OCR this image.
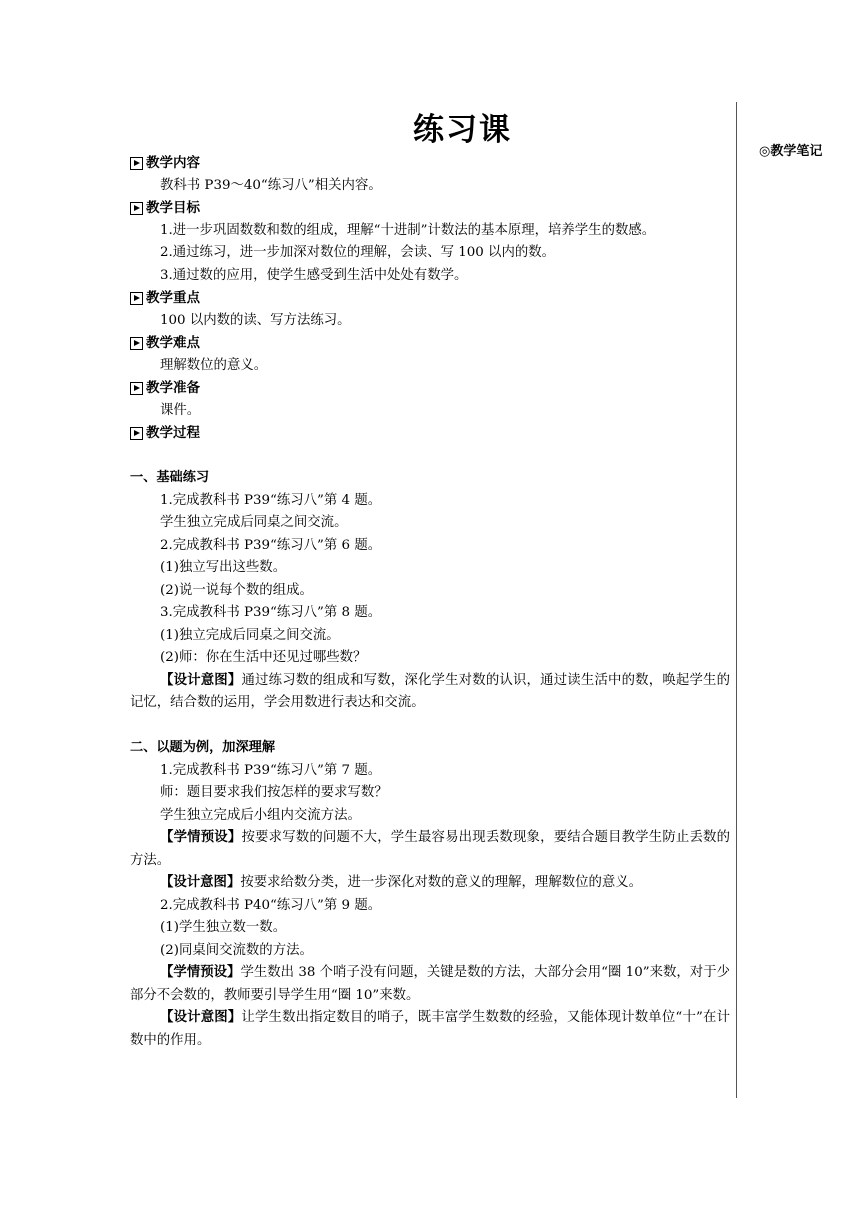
练习课
◎教学笔记
教学内容
教科书 P39～40“练习八”相关内容。
教学目标
1.进一步巩固数数和数的组成，理解“十进制”计数法的基本原理，培养学生的数感。
2.通过练习，进一步加深对数位的理解，会读、写 100 以内的数。
3.通过数的应用，使学生感受到生活中处处有数学。
教学重点
100 以内数的读、写方法练习。
教学难点
理解数位的意义。
教学准备
课件。
教学过程
一、基础练习
1.完成教科书 P39“练习八”第 4 题。
学生独立完成后同桌之间交流。
2.完成教科书 P39“练习八”第 6 题。
(1)独立写出这些数。
(2)说一说每个数的组成。
3.完成教科书 P39“练习八”第 8 题。
(1)独立完成后同桌之间交流。
(2)师：你在生活中还见过哪些数？
【设计意图】通过练习数的组成和写数，深化学生对数的认识，通过读生活中的数，唤起学生的记忆，结合数的运用，学会用数进行表达和交流。
二、以题为例，加深理解
1.完成教科书 P39“练习八”第 7 题。
师：题目要求我们按怎样的要求写数？
学生独立完成后小组内交流方法。
【学情预设】按要求写数的问题不大，学生最容易出现丢数现象，要结合题目教学生防止丢数的方法。
【设计意图】按要求给数分类，进一步深化对数的意义的理解，理解数位的意义。
2.完成教科书 P40“练习八”第 9 题。
(1)学生独立数一数。
(2)同桌间交流数的方法。
【学情预设】学生数出 38 个哨子没有问题，关键是数的方法，大部分会用“圈 10”来数，对于少部分不会数的，教师要引导学生用“圈 10”来数。
【设计意图】让学生数出指定数目的哨子，既丰富学生数数的经验，又能体现计数单位“十”在计数中的作用。
